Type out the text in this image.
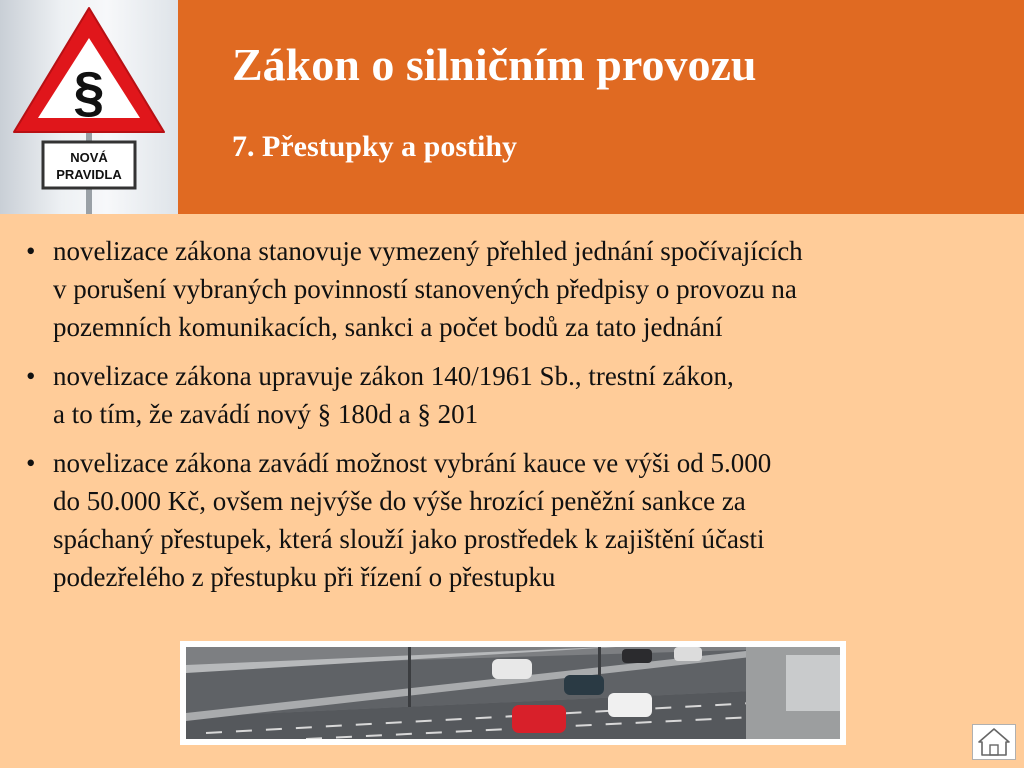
§
NOVÁ
PRAVIDLA
Zákon o silničním provozu
7. Přestupky a postihy
• novelizace zákona stanovuje vymezený přehled jednání spočívajících
v porušení vybraných povinností stanovených předpisy o provozu na
pozemních komunikacích, sankci a počet bodů za tato jednání
• novelizace zákona upravuje zákon 140/1961 Sb., trestní zákon,
a to tím, že zavádí nový § 180d a § 201
• novelizace zákona zavádí možnost vybrání kauce ve výši od 5.000
do 50.000 Kč, ovšem nejvýše do výše hrozící peněžní sankce za
spáchaný přestupek, která slouží jako prostředek k zajištění účasti
podezřelého z přestupku při řízení o přestupku
